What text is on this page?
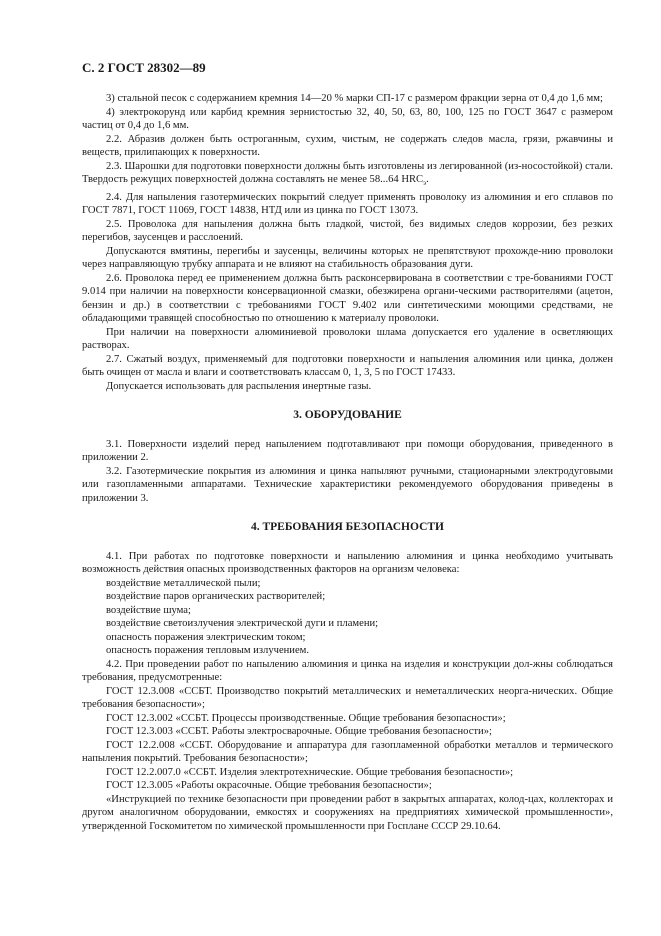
С. 2 ГОСТ 28302—89

3) стальной песок с содержанием кремния 14—20 % марки СП-17 с размером фракции зерна от 0,4 до 1,6 мм;

4) электрокорунд или карбид кремния зернистостью 32, 40, 50, 63, 80, 100, 125 по ГОСТ 3647 с размером частиц от 0,4 до 1,6 мм.

2.2. Абразив должен быть остроганным, сухим, чистым, не содержать следов масла, грязи, ржавчины и веществ, прилипающих к поверхности.

2.3. Шарошки для подготовки поверхности должны быть изготовлены из легированной (из-носостойкой) стали. Твердость режущих поверхностей должна составлять не менее 58...64 $HRC_э$.

2.4. Для напыления газотермических покрытий следует применять проволоку из алюминия и его сплавов по ГОСТ 7871, ГОСТ 11069, ГОСТ 14838, НТД или из цинка по ГОСТ 13073.

2.5. Проволока для напыления должна быть гладкой, чистой, без видимых следов коррозии, без резких перегибов, заусенцев и расслоений.

Допускаются вмятины, перегибы и заусенцы, величины которых не препятствуют прохожде-нию проволоки через направляющую трубку аппарата и не влияют на стабильность образования дуги.

2.6. Проволока перед ее применением должна быть расконсервирована в соответствии с тре-бованиями ГОСТ 9.014 при наличии на поверхности консервационной смазки, обезжирена органи-ческими растворителями (ацетон, бензин и др.) в соответствии с требованиями ГОСТ 9.402 или синтетическими моющими средствами, не обладающими травящей способностью по отношению к материалу проволоки.

При наличии на поверхности алюминиевой проволоки шлама допускается его удаление в осветляющих растворах.

2.7. Сжатый воздух, применяемый для подготовки поверхности и напыления алюминия или цинка, должен быть очищен от масла и влаги и соответствовать классам 0, 1, 3, 5 по ГОСТ 17433.

Допускается использовать для распыления инертные газы.

3. ОБОРУДОВАНИЕ

3.1. Поверхности изделий перед напылением подготавливают при помощи оборудования, приведенного в приложении 2.

3.2. Газотермические покрытия из алюминия и цинка напыляют ручными, стационарными электродуговыми или газопламенными аппаратами. Технические характеристики рекомендуемого оборудования приведены в приложении 3.

4. ТРЕБОВАНИЯ БЕЗОПАСНОСТИ

4.1. При работах по подготовке поверхности и напылению алюминия и цинка необходимо учитывать возможность действия опасных производственных факторов на организм человека:

воздействие металлической пыли;

воздействие паров органических растворителей;

воздействие шума;

воздействие светоизлучения электрической дуги и пламени;

опасность поражения электрическим током;

опасность поражения тепловым излучением.

4.2. При проведении работ по напылению алюминия и цинка на изделия и конструкции дол-жны соблюдаться требования, предусмотренные:

ГОСТ 12.3.008 «ССБТ. Производство покрытий металлических и неметаллических неорга-нических. Общие требования безопасности»;

ГОСТ 12.3.002 «ССБТ. Процессы производственные. Общие требования безопасности»;

ГОСТ 12.3.003 «ССБТ. Работы электросварочные. Общие требования безопасности»;

ГОСТ 12.2.008 «ССБТ. Оборудование и аппаратура для газопламенной обработки металлов и термического напыления покрытий. Требования безопасности»;

ГОСТ 12.2.007.0 «ССБТ. Изделия электротехнические. Общие требования безопасности»;

ГОСТ 12.3.005 «Работы окрасочные. Общие требования безопасности»;

«Инструкцией по технике безопасности при проведении работ в закрытых аппаратах, колод-цах, коллекторах и другом аналогичном оборудовании, емкостях и сооружениях на предприятиях химической промышленности», утвержденной Госкомитетом по химической промышленности при Госплане СССР 29.10.64.
